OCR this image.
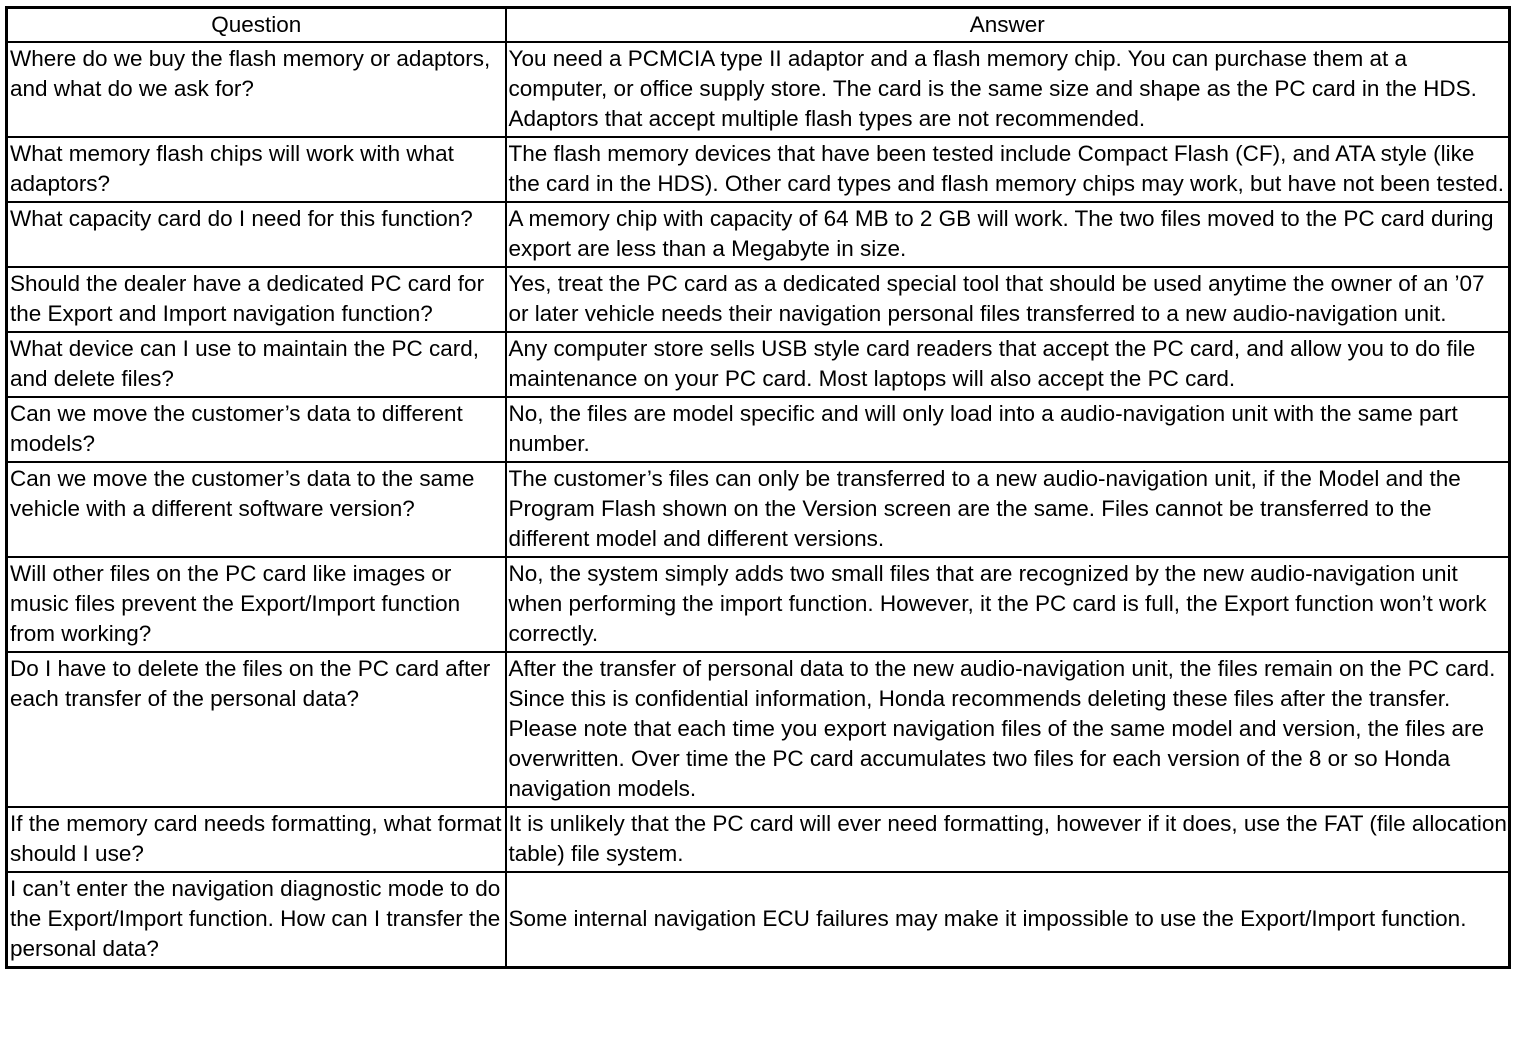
Question	Answer
Where do we buy the flash memory or adaptors, and what do we ask for?	You need a PCMCIA type II adaptor and a flash memory chip. You can purchase them at a computer, or office supply store. The card is the same size and shape as the PC card in the HDS. Adaptors that accept multiple flash types are not recommended.
What memory flash chips will work with what adaptors?	The flash memory devices that have been tested include Compact Flash (CF), and ATA style (like the card in the HDS). Other card types and flash memory chips may work, but have not been tested.
What capacity card do I need for this function?	A memory chip with capacity of 64 MB to 2 GB will work. The two files moved to the PC card during export are less than a Megabyte in size.
Should the dealer have a dedicated PC card for the Export and Import navigation function?	Yes, treat the PC card as a dedicated special tool that should be used anytime the owner of an ’07 or later vehicle needs their navigation personal files transferred to a new audio-navigation unit.
What device can I use to maintain the PC card, and delete files?	Any computer store sells USB style card readers that accept the PC card, and allow you to do file maintenance on your PC card. Most laptops will also accept the PC card.
Can we move the customer’s data to different models?	No, the files are model specific and will only load into a audio-navigation unit with the same part number.
Can we move the customer’s data to the same vehicle with a different software version?	The customer’s files can only be transferred to a new audio-navigation unit, if the Model and the Program Flash shown on the Version screen are the same. Files cannot be transferred to the different model and different versions.
Will other files on the PC card like images or music files prevent the Export/Import function from working?	No, the system simply adds two small files that are recognized by the new audio-navigation unit when performing the import function. However, it the PC card is full, the Export function won’t work correctly.
Do I have to delete the files on the PC card after each transfer of the personal data?	After the transfer of personal data to the new audio-navigation unit, the files remain on the PC card. Since this is confidential information, Honda recommends deleting these files after the transfer. Please note that each time you export navigation files of the same model and version, the files are overwritten. Over time the PC card accumulates two files for each version of the 8 or so Honda navigation models.
If the memory card needs formatting, what format should I use?	It is unlikely that the PC card will ever need formatting, however if it does, use the FAT (file allocation table) file system.
I can’t enter the navigation diagnostic mode to do the Export/Import function. How can I transfer the personal data?	Some internal navigation ECU failures may make it impossible to use the Export/Import function.
